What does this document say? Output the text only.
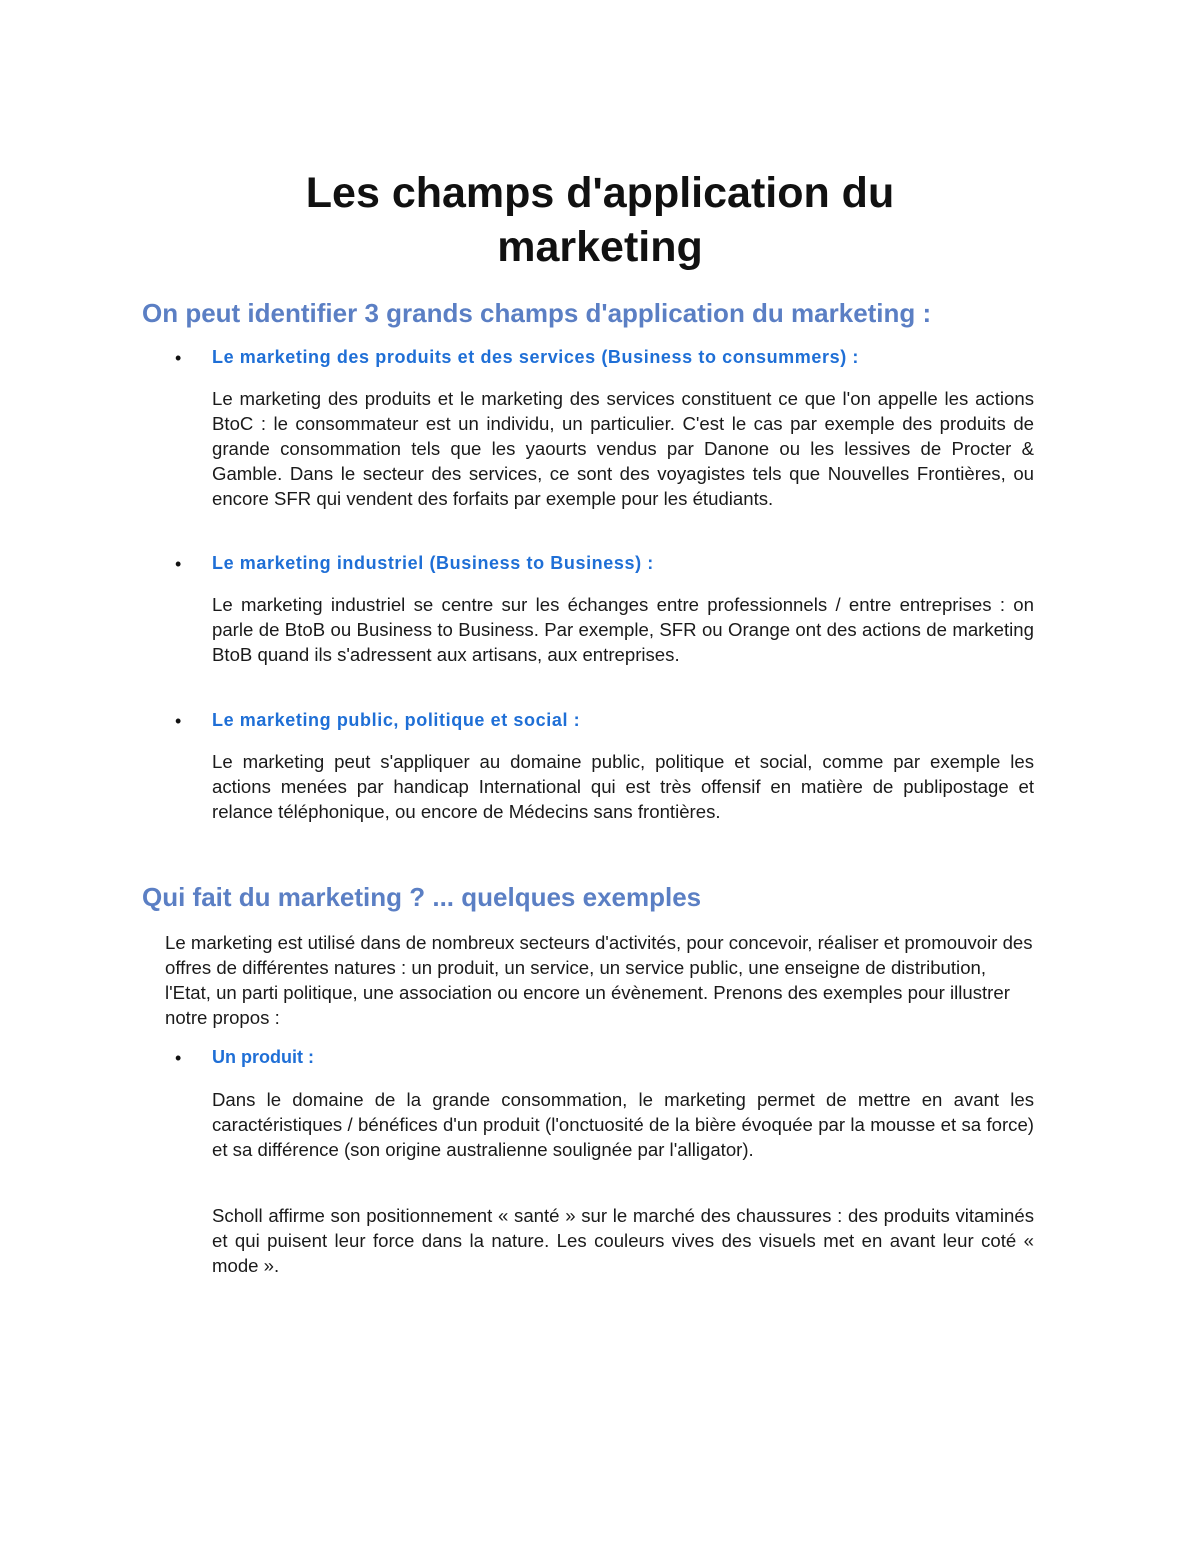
Les champs d'application du marketing
On peut identifier 3 grands champs d'application du marketing :
• Le marketing des produits et des services (Business to consummers) :

Le marketing des produits et le marketing des services constituent ce que l'on appelle les actions BtoC : le consommateur est un individu, un particulier. C'est le cas par exemple des produits de grande consommation tels que les yaourts vendus par Danone ou les lessives de Procter & Gamble. Dans le secteur des services, ce sont des voyagistes tels que Nouvelles Frontières, ou encore SFR qui vendent des forfaits par exemple pour les étudiants.

• Le marketing industriel (Business to Business) :

Le marketing industriel se centre sur les échanges entre professionnels / entre entreprises : on parle de BtoB ou Business to Business. Par exemple, SFR ou Orange ont des actions de marketing BtoB quand ils s'adressent aux artisans, aux entreprises.

• Le marketing public, politique et social :

Le marketing peut s'appliquer au domaine public, politique et social, comme par exemple les actions menées par handicap International qui est très offensif en matière de publipostage et relance téléphonique, ou encore de Médecins sans frontières.

Qui fait du marketing ? ... quelques exemples

Le marketing est utilisé dans de nombreux secteurs d'activités, pour concevoir, réaliser et promouvoir des offres de différentes natures : un produit, un service, un service public, une enseigne de distribution, l'Etat, un parti politique, une association ou encore un évènement. Prenons des exemples pour illustrer notre propos :

• Un produit :

Dans le domaine de la grande consommation, le marketing permet de mettre en avant les caractéristiques / bénéfices d'un produit (l'onctuosité de la bière évoquée par la mousse et sa force) et sa différence (son origine australienne soulignée par l'alligator).

Scholl affirme son positionnement « santé » sur le marché des chaussures : des produits vitaminés et qui puisent leur force dans la nature. Les couleurs vives des visuels met en avant leur coté « mode ».
